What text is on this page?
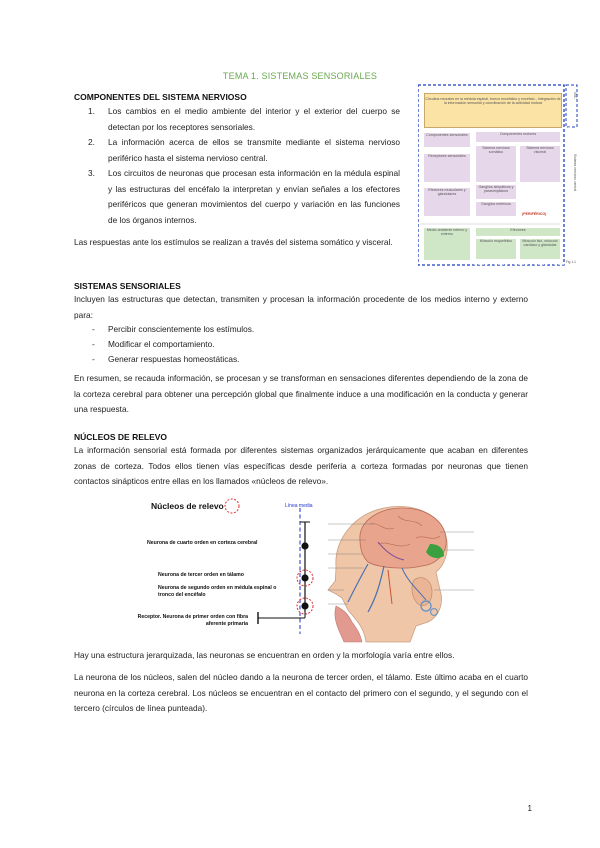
TEMA 1. SISTEMAS SENSORIALES
COMPONENTES DEL SISTEMA NERVIOSO
1. Los cambios en el medio ambiente del interior y el exterior del cuerpo se detectan por los receptores sensoriales.
2. La información acerca de ellos se transmite mediante el sistema nervioso periférico hasta el sistema nervioso central.
3. Los circuitos de neuronas que procesan esta información en la médula espinal y las estructuras del encéfalo la interpretan y envían señales a los efectores periféricos que generan movimientos del cuerpo y variación en las funciones de los órganos internos.

Las respuestas ante los estímulos se realizan a través del sistema somático y visceral.

Circuitos neurales en la médula espinal, tronco encefálico y encéfalo - Integración de la información sensorial y coordinación de la actividad motora
Componentes sensoriales
Receptores sensoriales
Efectores musculares y glandulares
Componentes motores
Sistema nervioso somático
Sistema nervioso visceral
Ganglios simpáticos y parasimpáticos
Ganglios entéricos
(PERIFÉRICO)
Medio ambiente interno y externo
Efectores
Músculo esquelético	Músculo liso, músculo cardíaco y glándulas
SNC
Sistema nervioso central
Fig 1-1
SISTEMAS SENSORIALES

Incluyen las estructuras que detectan, transmiten y procesan la información procedente de los medios interno y externo para:

- Percibir conscientemente los estímulos.
- Modificar el comportamiento.
- Generar respuestas homeostáticas.

En resumen, se recauda información, se procesan y se transforman en sensaciones diferentes dependiendo de la zona de la corteza cerebral para obtener una percepción global que finalmente induce a una modificación en la conducta y generar una respuesta.

NÚCLEOS DE RELEVO

La información sensorial está formada por diferentes sistemas organizados jerárquicamente que acaban en diferentes zonas de corteza. Todos ellos tienen vías específicas desde periferia a corteza formadas por neuronas que tienen contactos sinápticos entre ellas en los llamados «núcleos de relevo».

Núcleos de relevo	Línea media
Neurona de cuarto orden en corteza cerebral
Neurona de tercer orden en tálamo
Neurona de segundo orden en médula espinal o tronco del encéfalo
Receptor. Neurona de primer orden con fibra aferente primaria

Hay una estructura jerarquizada, las neuronas se encuentran en orden y la morfología varía entre ellos.

La neurona de los núcleos, salen del núcleo dando a la neurona de tercer orden, el tálamo. Este último acaba en el cuarto neurona en la corteza cerebral. Los núcleos se encuentran en el contacto del primero con el segundo, y el segundo con el tercero (círculos de línea punteada).

1
